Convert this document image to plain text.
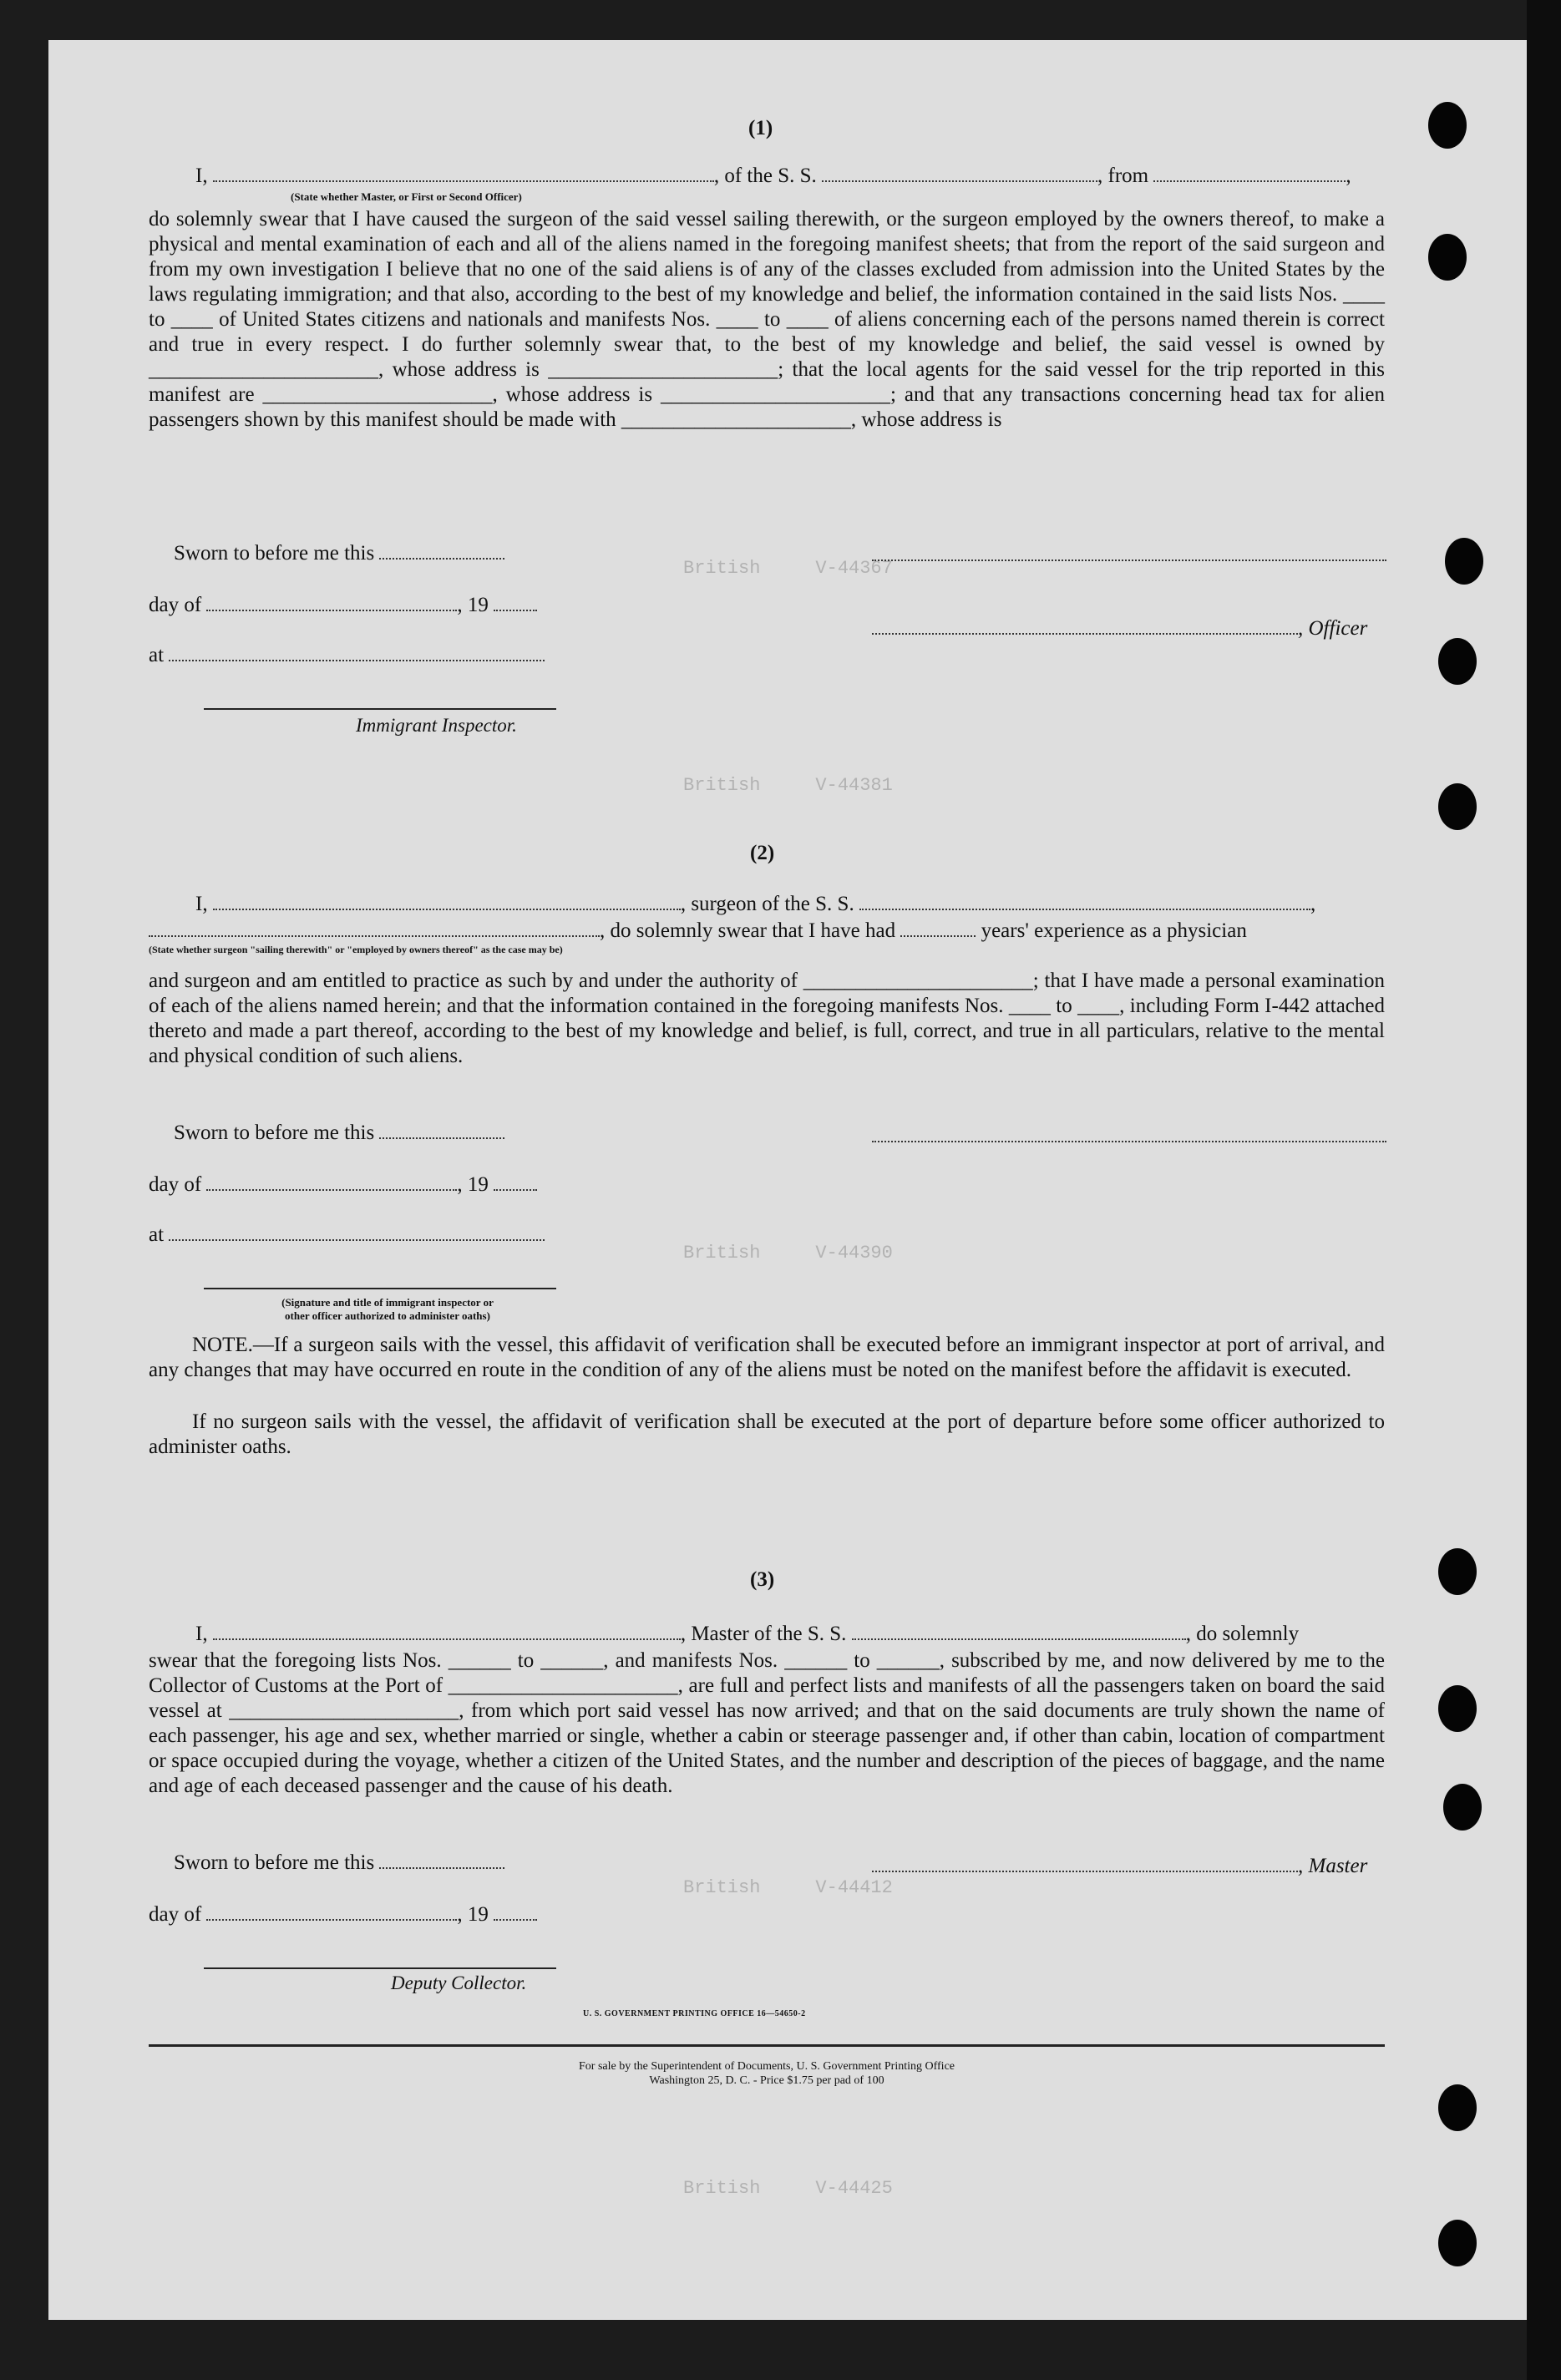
British     V-44367
British     V-44381
British     V-44390
British     V-44412
British     V-44425
(1)
I,	, of the S. S.	, from	,
(State whether Master, or First or Second Officer)
do solemnly swear that I have caused the surgeon of the said vessel sailing therewith, or the surgeon employed by the owners thereof, to make a physical and mental examination of each and all of the aliens named in the foregoing manifest sheets; that from the report of the said surgeon and from my own investigation I believe that no one of the said aliens is of any of the classes excluded from admission into the United States by the laws regulating immigration; and that also, according to the best of my knowledge and belief, the information contained in the said lists Nos. ____ to ____ of United States citizens and nationals and manifests Nos. ____ to ____ of aliens concerning each of the persons named therein is correct and true in every respect. I do further solemnly swear that, to the best of my knowledge and belief, the said vessel is owned by ______________________, whose address is ______________________; that the local agents for the said vessel for the trip reported in this manifest are ______________________, whose address is ______________________; and that any transactions concerning head tax for alien passengers shown by this manifest should be made with ______________________, whose address is
Sworn to before me this
day of	, 19
, Officer
at
Immigrant Inspector.
(2)
I,	, surgeon of the S. S.	,
, do solemnly swear that I have had	years' experience as a physician
(State whether surgeon "sailing therewith" or "employed by owners thereof" as the case may be)
and surgeon and am entitled to practice as such by and under the authority of ______________________; that I have made a personal examination of each of the aliens named herein; and that the information contained in the foregoing manifests Nos. ____ to ____, including Form I-442 attached thereto and made a part thereof, according to the best of my knowledge and belief, is full, correct, and true in all particulars, relative to the mental and physical condition of such aliens.
Sworn to before me this
day of	, 19
at
(Signature and title of immigrant inspector or
other officer authorized to administer oaths)
NOTE.—If a surgeon sails with the vessel, this affidavit of verification shall be executed before an immigrant inspector at port of arrival, and any changes that may have occurred en route in the condition of any of the aliens must be noted on the manifest before the affidavit is executed.
If no surgeon sails with the vessel, the affidavit of verification shall be executed at the port of departure before some officer authorized to administer oaths.
(3)
I,	, Master of the S. S.	, do solemnly
swear that the foregoing lists Nos. ______ to ______, and manifests Nos. ______ to ______, subscribed by me, and now delivered by me to the Collector of Customs at the Port of ______________________, are full and perfect lists and manifests of all the passengers taken on board the said vessel at ______________________, from which port said vessel has now arrived; and that on the said documents are truly shown the name of each passenger, his age and sex, whether married or single, whether a cabin or steerage passenger and, if other than cabin, location of compartment or space occupied during the voyage, whether a citizen of the United States, and the number and description of the pieces of baggage, and the name and age of each deceased passenger and the cause of his death.
Sworn to before me this	, Master
day of	, 19
Deputy Collector.
U. S. GOVERNMENT PRINTING OFFICE 16—54650-2
For sale by the Superintendent of Documents, U. S. Government Printing Office
Washington 25, D. C. - Price $1.75 per pad of 100
